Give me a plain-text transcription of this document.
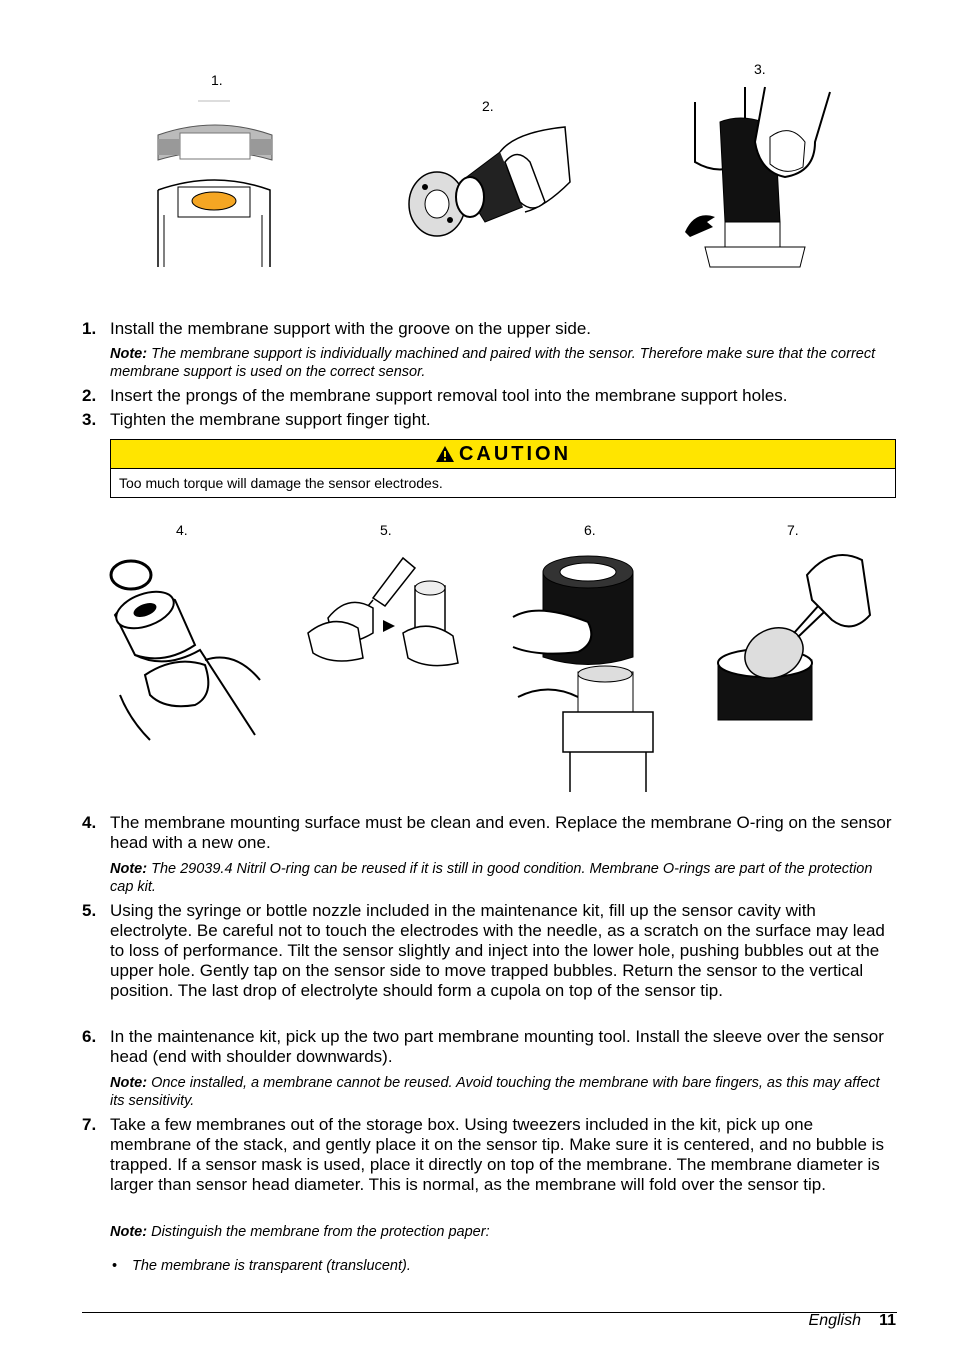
1.
2.
3.
1. Install the membrane support with the groove on the upper side.
Note: The membrane support is individually machined and paired with the sensor. Therefore make sure that the correct membrane support is used on the correct sensor.
2. Insert the prongs of the membrane support removal tool into the membrane support holes.
3. Tighten the membrane support finger tight.
CAUTION
Too much torque will damage the sensor electrodes.
4.	5.	6.	7.
4. The membrane mounting surface must be clean and even. Replace the membrane O-ring on the sensor head with a new one.
Note: The 29039.4 Nitril O-ring can be reused if it is still in good condition. Membrane O-rings are part of the protection cap kit.
5. Using the syringe or bottle nozzle included in the maintenance kit, fill up the sensor cavity with electrolyte. Be careful not to touch the electrodes with the needle, as a scratch on the surface may lead to loss of performance. Tilt the sensor slightly and inject into the lower hole, pushing bubbles out at the upper hole. Gently tap on the sensor side to move trapped bubbles. Return the sensor to the vertical position. The last drop of electrolyte should form a cupola on top of the sensor tip.
6. In the maintenance kit, pick up the two part membrane mounting tool. Install the sleeve over the sensor head (end with shoulder downwards).
Note: Once installed, a membrane cannot be reused. Avoid touching the membrane with bare fingers, as this may affect its sensitivity.
7. Take a few membranes out of the storage box. Using tweezers included in the kit, pick up one membrane of the stack, and gently place it on the sensor tip. Make sure it is centered, and no bubble is trapped. If a sensor mask is used, place it directly on top of the membrane. The membrane diameter is larger than sensor head diameter. This is normal, as the membrane will fold over the sensor tip.
Note: Distinguish the membrane from the protection paper:
• The membrane is transparent (translucent).
English 11
